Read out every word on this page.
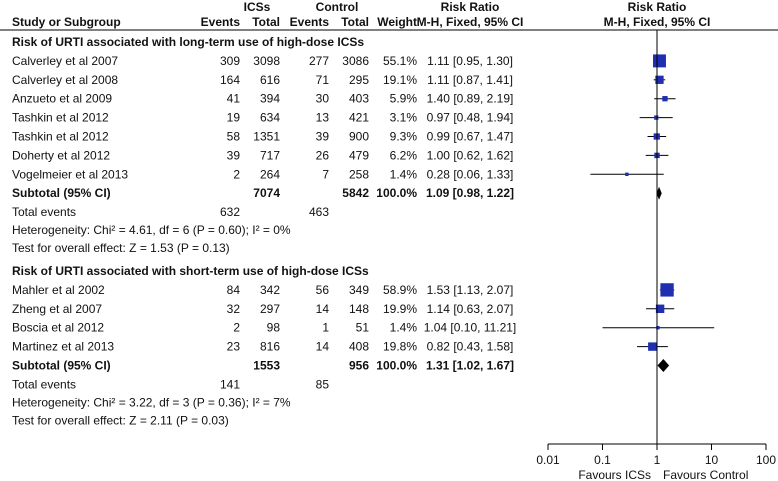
ICSs	Control	Risk Ratio	Risk Ratio
Study or Subgroup	Events Total Events Total Weight M-H, Fixed, 95% CI	M-H, Fixed, 95% CI
Risk of URTI associated with long-term use of high-dose ICSs
Calverley et al 2007	309 3098 277 3086 55.1% 1.11 [0.95, 1.30]
Calverley et al 2008	164 616	71 295 19.1% 1.11 [0.87, 1.41]
Anzueto et al 2009	41 394	30 403 5.9% 1.40 [0.89, 2.19]
Tashkin et al 2012	19 634	13 421 3.1% 0.97 [0.48, 1.94]
Tashkin et al 2012	58 1351	39 900 9.3% 0.99 [0.67, 1.47]
Doherty et al 2012	39 717	26 479 6.2% 1.00 [0.62, 1.62]
Vogelmeier et al 2013	2 264	7 258 1.4% 0.28 [0.06, 1.33]
Subtotal (95% CI)	7074	5842 100.0% 1.09 [0.98, 1.22]
Total events	632	463
Heterogeneity: Chi² = 4.61, df = 6 (P = 0.60); I² = 0%
Test for overall effect: Z = 1.53 (P = 0.13)
Risk of URTI associated with short-term use of high-dose ICSs
Mahler et al 2002	84 342	56 349 58.9% 1.53 [1.13, 2.07]
Zheng et al 2007	32 297	14 148 19.9% 1.14 [0.63, 2.07]
Boscia et al 2012	2 98	1 51 1.4% 1.04 [0.10, 11.21]
Martinez et al 2013	23 816	14 408 19.8% 0.82 [0.43, 1.58]
Subtotal (95% CI)	1553	956 100.0% 1.31 [1.02, 1.67]
Total events	141	85
Heterogeneity: Chi² = 3.22, df = 3 (P = 0.36); I² = 7%
Test for overall effect: Z = 2.11 (P = 0.03)
0.01	0.1	1	10	100
Favours ICSs Favours Control
